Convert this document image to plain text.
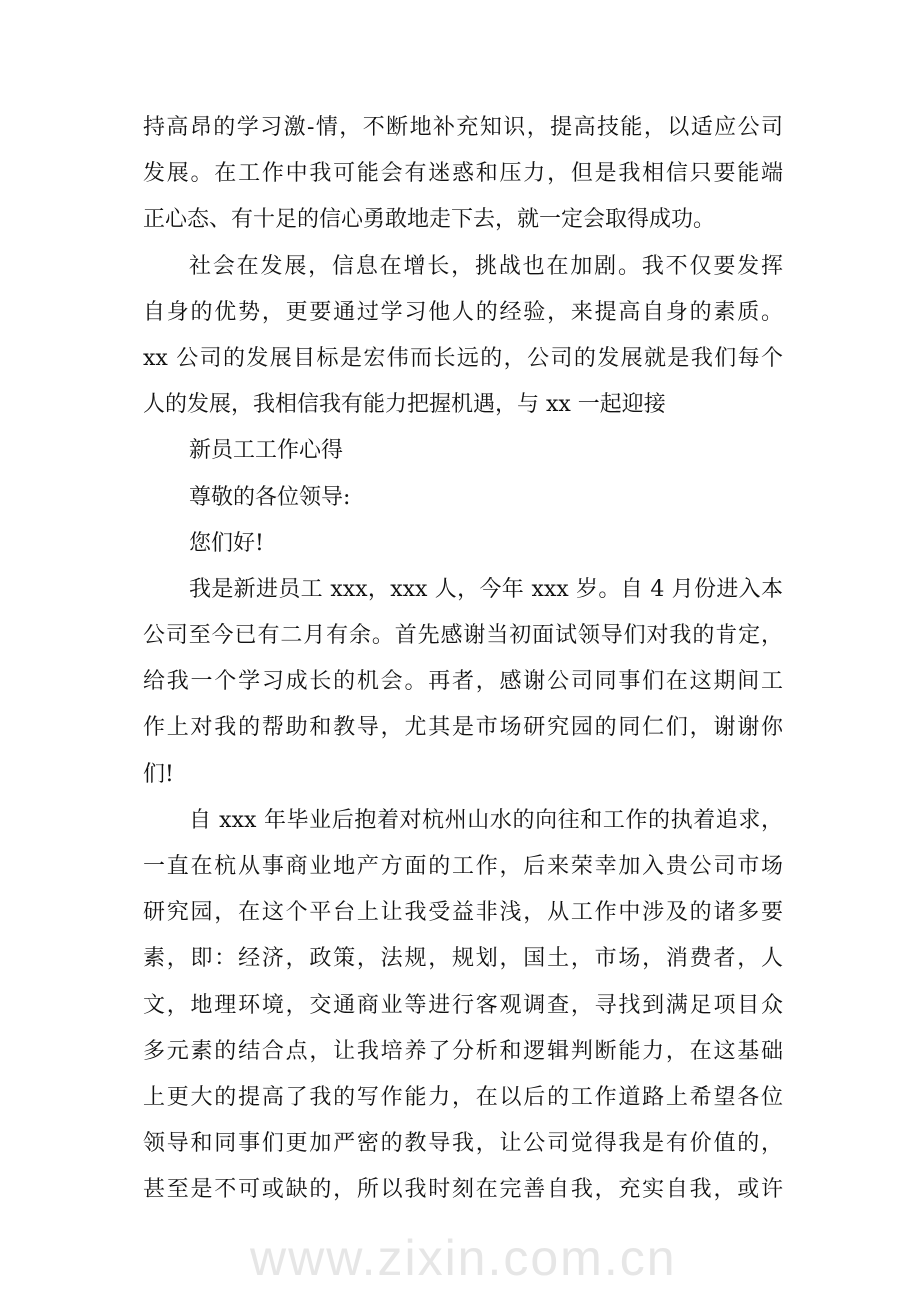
持高昂的学习激-情，不断地补充知识，提高技能，以适应公司
发展。在工作中我可能会有迷惑和压力，但是我相信只要能端
正心态、有十足的信心勇敢地走下去，就一定会取得成功。
社会在发展，信息在增长，挑战也在加剧。我不仅要发挥
自身的优势，更要通过学习他人的经验，来提高自身的素质。
xx 公司的发展目标是宏伟而长远的，公司的发展就是我们每个
人的发展，我相信我有能力把握机遇，与 xx 一起迎接
新员工工作心得
尊敬的各位领导:
您们好!
我是新进员工 xxx，xxx 人，今年 xxx 岁。自 4 月份进入本
公司至今已有二月有余。首先感谢当初面试领导们对我的肯定，
给我一个学习成长的机会。再者，感谢公司同事们在这期间工
作上对我的帮助和教导，尤其是市场研究园的同仁们，谢谢你
们!
自 xxx 年毕业后抱着对杭州山水的向往和工作的执着追求，
一直在杭从事商业地产方面的工作，后来荣幸加入贵公司市场
研究园，在这个平台上让我受益非浅，从工作中涉及的诸多要
素，即：经济，政策，法规，规划，国土，市场，消费者，人
文，地理环境，交通商业等进行客观调查，寻找到满足项目众
多元素的结合点，让我培养了分析和逻辑判断能力，在这基础
上更大的提高了我的写作能力，在以后的工作道路上希望各位
领导和同事们更加严密的教导我，让公司觉得我是有价值的，
甚至是不可或缺的，所以我时刻在完善自我，充实自我，或许
www.zixin.com.cn
